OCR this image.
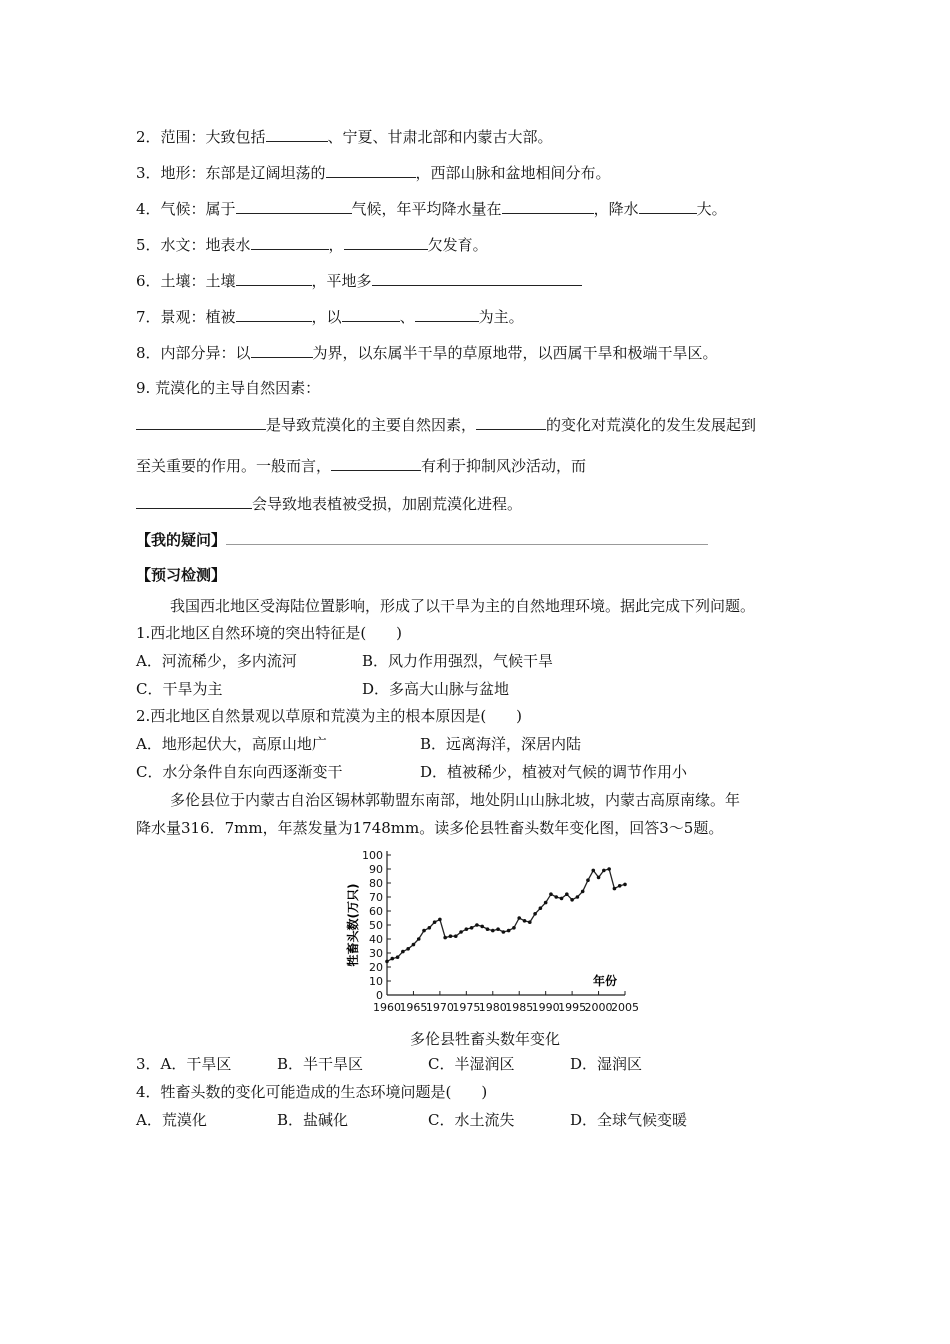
2．范围：大致包括	、宁夏、甘肃北部和内蒙古大部。
3．地形：东部是辽阔坦荡的	，西部山脉和盆地相间分布。
4．气候：属于	气候，年平均降水量在	，降水	大。
5．水文：地表水	，	欠发育。
6．土壤：土壤	，平地多
7．景观：植被	，以	、	为主。
8．内部分异：以	为界，以东属半干旱的草原地带，以西属干旱和极端干旱区。
9. 荒漠化的主导自然因素：
是导致荒漠化的主要自然因素，	的变化对荒漠化的发生发展起到
至关重要的作用。一般而言，	有利于抑制风沙活动，而
会导致地表植被受损，加剧荒漠化进程。
【我的疑问】
【预习检测】
我国西北地区受海陆位置影响，形成了以干旱为主的自然地理环境。据此完成下列问题。
1.西北地区自然环境的突出特征是(　　)
A．河流稀少，多内流河	B．风力作用强烈，气候干旱
C．干旱为主	D．多高大山脉与盆地
2.西北地区自然景观以草原和荒漠为主的根本原因是(　　)
A．地形起伏大，高原山地广	B．远离海洋，深居内陆
C．水分条件自东向西逐渐变干	D．植被稀少，植被对气候的调节作用小
多伦县位于内蒙古自治区锡林郭勒盟东南部，地处阴山山脉北坡，内蒙古高原南缘。年
降水量316．7mm，年蒸发量为1748mm。读多伦县牲畜头数年变化图，回答3～5题。
0
10
20
30
40
50
60
70
80
90
100
1960
1965
1970
1975
1980
1985
1990
1995
2000
2005
牲畜头数(万只)
年份
多伦县牲畜头数年变化
3．A．干旱区	B．半干旱区	C．半湿润区	D．湿润区
4．牲畜头数的变化可能造成的生态环境问题是(　　)
A．荒漠化	B．盐碱化	C．水土流失	D．全球气候变暖
